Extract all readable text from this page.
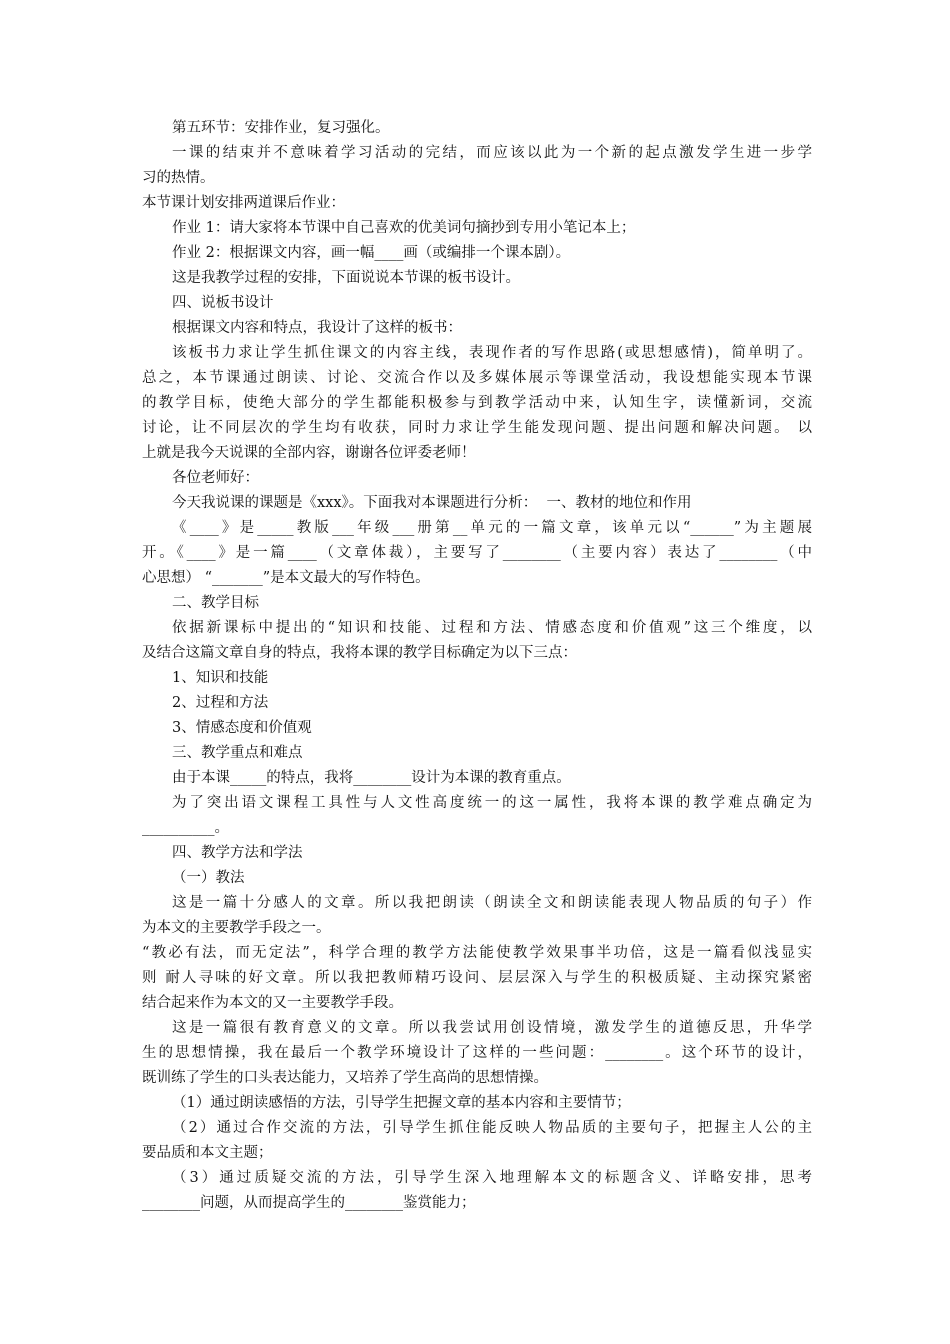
第五环节：安排作业，复习强化。
一课的结束并不意味着学习活动的完结，而应该以此为一个新的起点激发学生进一步学
习的热情。
本节课计划安排两道课后作业：
作业 1：请大家将本节课中自己喜欢的优美词句摘抄到专用小笔记本上；
作业 2：根据课文内容，画一幅____画（或编排一个课本剧）。
这是我教学过程的安排，下面说说本节课的板书设计。
四、说板书设计
根据课文内容和特点，我设计了这样的板书：
该板书力求让学生抓住课文的内容主线，表现作者的写作思路(或思想感情)，简单明了。
总之，本节课通过朗读、讨论、交流合作以及多媒体展示等课堂活动，我设想能实现本节课
的教学目标，使绝大部分的学生都能积极参与到教学活动中来，认知生字，读懂新词，交流
讨论，让不同层次的学生均有收获，同时力求让学生能发现问题、提出问题和解决问题。 以
上就是我今天说课的全部内容，谢谢各位评委老师！
各位老师好：
今天我说课的课题是《xxx》。下面我对本课题进行分析：  一、教材的地位和作用
《____》是_____教版___年级___册第__单元的一篇文章，该单元以“______”为主题展
开。《____》是一篇____（文章体裁），主要写了________（主要内容）表达了________（中
心思想） “_______”是本文最大的写作特色。
二、教学目标
依据新课标中提出的“知识和技能、过程和方法、情感态度和价值观”这三个维度，以
及结合这篇文章自身的特点，我将本课的教学目标确定为以下三点：
1、知识和技能
2、过程和方法
3、情感态度和价值观
三、教学重点和难点
由于本课_____的特点，我将________设计为本课的教育重点。
为了突出语文课程工具性与人文性高度统一的这一属性，我将本课的教学难点确定为
__________。
四、教学方法和学法
（一）教法
这是一篇十分感人的文章。所以我把朗读（朗读全文和朗读能表现人物品质的句子）作
为本文的主要教学手段之一。
“教必有法，而无定法”，科学合理的教学方法能使教学效果事半功倍，这是一篇看似浅显实
则 耐人寻味的好文章。所以我把教师精巧设问、层层深入与学生的积极质疑、主动探究紧密
结合起来作为本文的又一主要教学手段。
这是一篇很有教育意义的文章。所以我尝试用创设情境，激发学生的道德反思，升华学
生的思想情操，我在最后一个教学环境设计了这样的一些问题：________。这个环节的设计，
既训练了学生的口头表达能力，又培养了学生高尚的思想情操。
（1）通过朗读感悟的方法，引导学生把握文章的基本内容和主要情节；
（2）通过合作交流的方法，引导学生抓住能反映人物品质的主要句子，把握主人公的主
要品质和本文主题；
（3）通过质疑交流的方法，引导学生深入地理解本文的标题含义、详略安排，思考
________问题，从而提高学生的________鉴赏能力；
